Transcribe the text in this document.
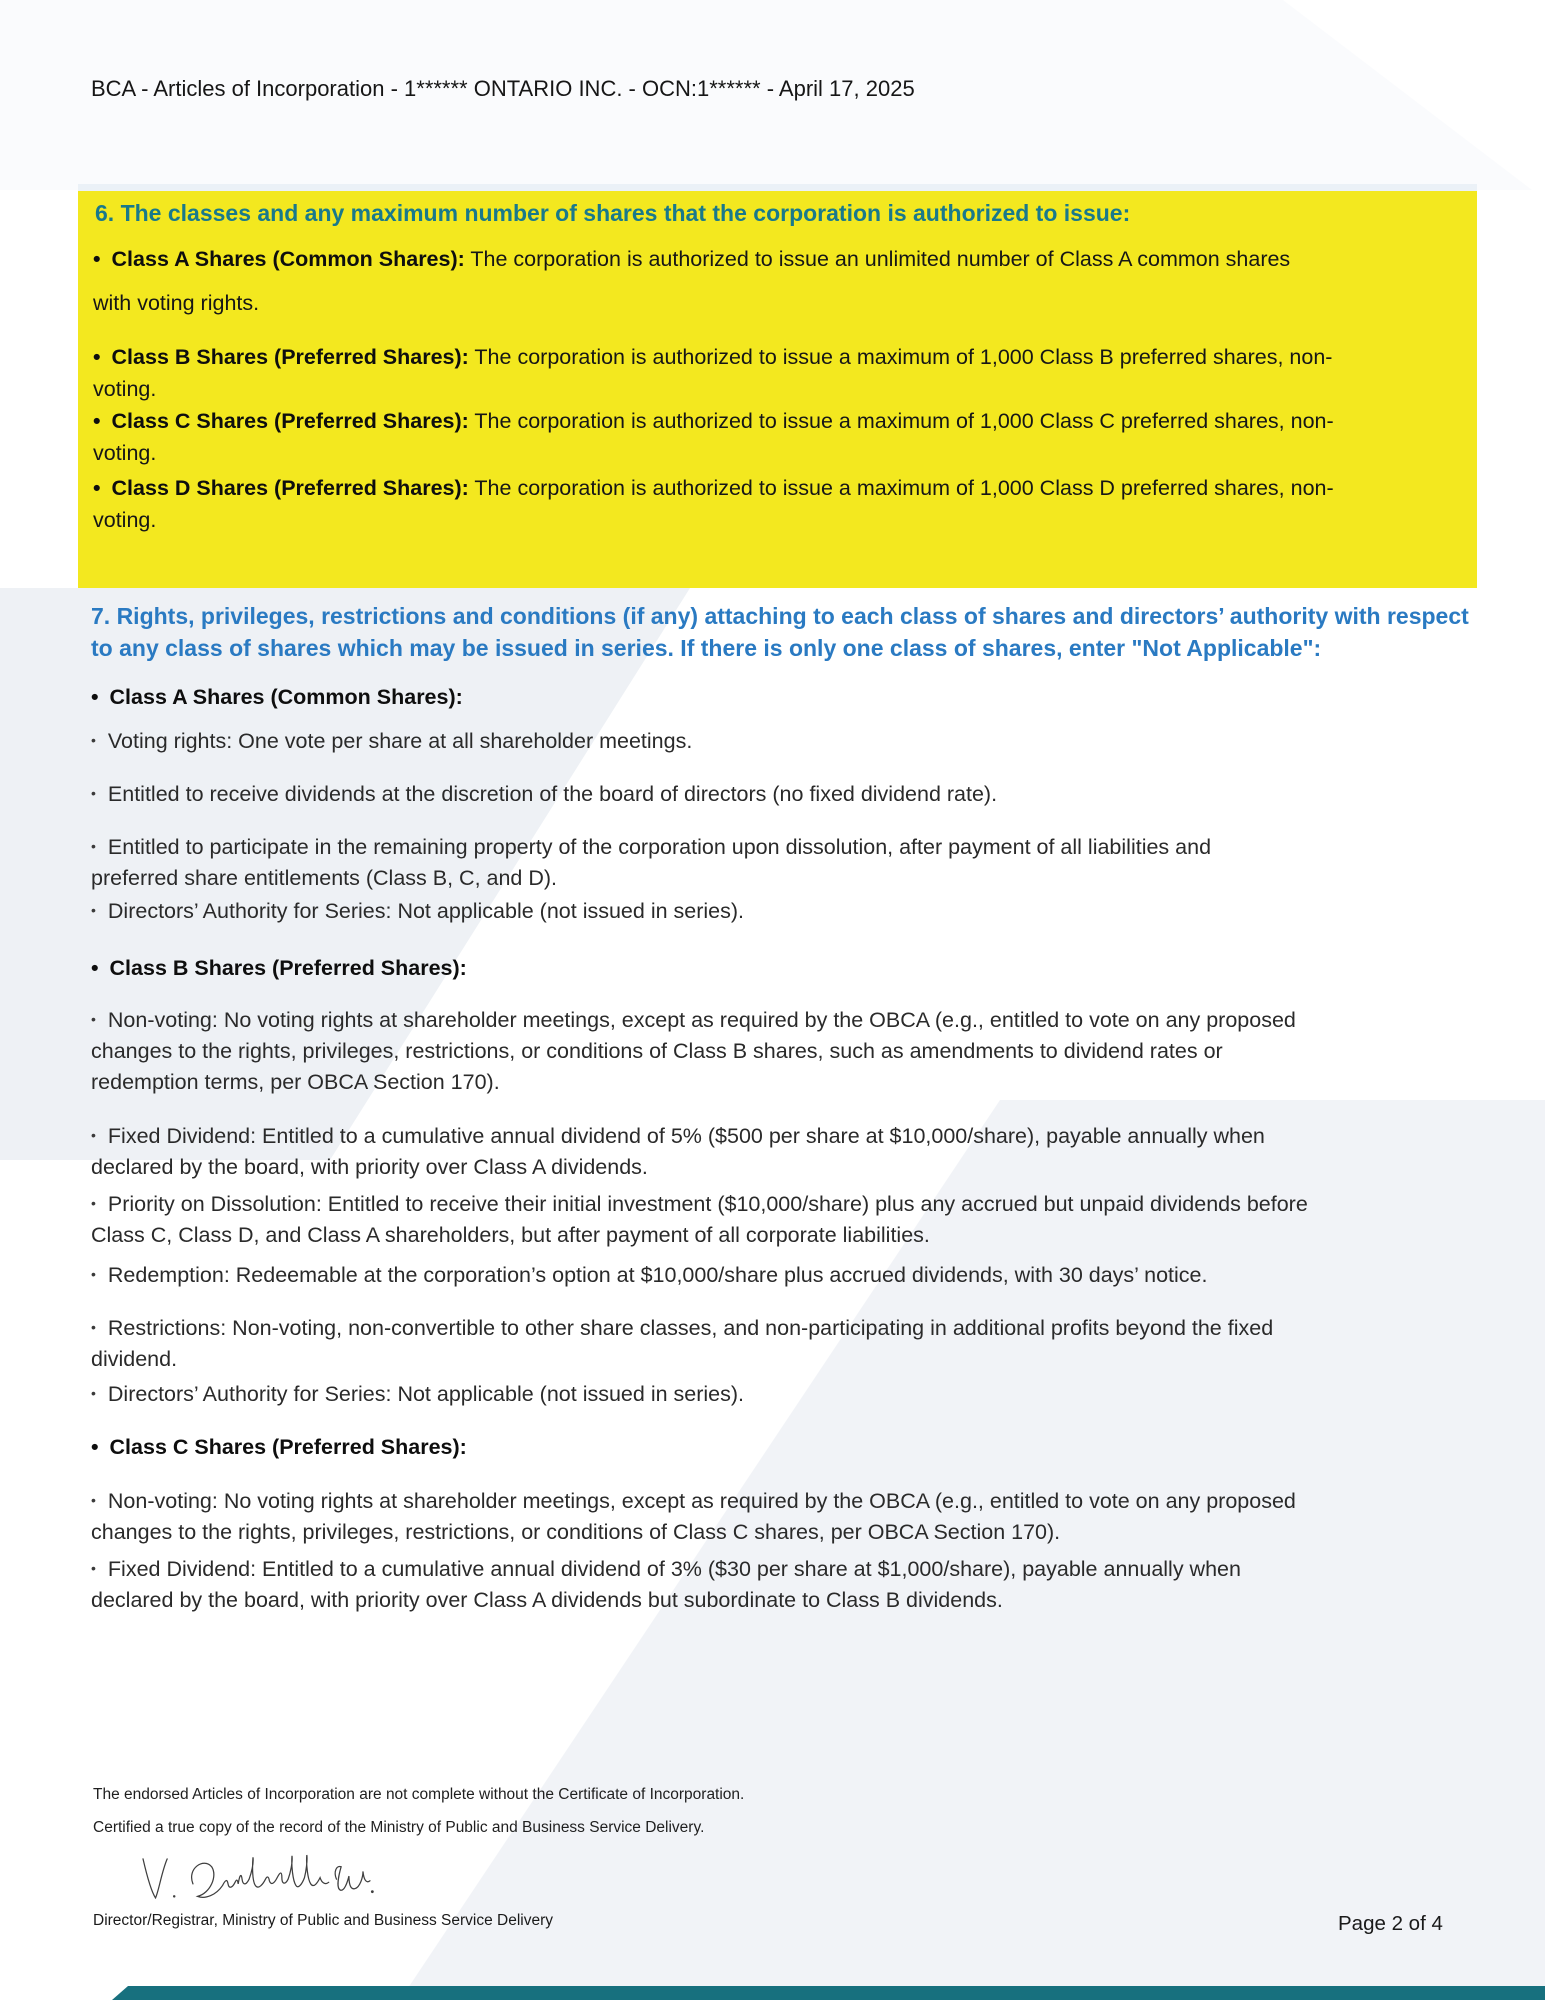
BCA - Articles of Incorporation - 1****** ONTARIO INC. - OCN:1****** - April 17, 2025
6. The classes and any maximum number of shares that the corporation is authorized to issue:
• Class A Shares (Common Shares): The corporation is authorized to issue an unlimited number of Class A common shares
with voting rights.
• Class B Shares (Preferred Shares): The corporation is authorized to issue a maximum of 1,000 Class B preferred shares, non-
voting.
• Class C Shares (Preferred Shares): The corporation is authorized to issue a maximum of 1,000 Class C preferred shares, non-
voting.
• Class D Shares (Preferred Shares): The corporation is authorized to issue a maximum of 1,000 Class D preferred shares, non-
voting.
7. Rights, privileges, restrictions and conditions (if any) attaching to each class of shares and directors’ authority with respect
to any class of shares which may be issued in series. If there is only one class of shares, enter "Not Applicable":
• Class A Shares (Common Shares):
• Voting rights: One vote per share at all shareholder meetings.
• Entitled to receive dividends at the discretion of the board of directors (no fixed dividend rate).
• Entitled to participate in the remaining property of the corporation upon dissolution, after payment of all liabilities and
preferred share entitlements (Class B, C, and D).
• Directors’ Authority for Series: Not applicable (not issued in series).
• Class B Shares (Preferred Shares):
• Non-voting: No voting rights at shareholder meetings, except as required by the OBCA (e.g., entitled to vote on any proposed
changes to the rights, privileges, restrictions, or conditions of Class B shares, such as amendments to dividend rates or
redemption terms, per OBCA Section 170).
• Fixed Dividend: Entitled to a cumulative annual dividend of 5% ($500 per share at $10,000/share), payable annually when
declared by the board, with priority over Class A dividends.
• Priority on Dissolution: Entitled to receive their initial investment ($10,000/share) plus any accrued but unpaid dividends before
Class C, Class D, and Class A shareholders, but after payment of all corporate liabilities.
• Redemption: Redeemable at the corporation’s option at $10,000/share plus accrued dividends, with 30 days’ notice.
• Restrictions: Non-voting, non-convertible to other share classes, and non-participating in additional profits beyond the fixed
dividend.
• Directors’ Authority for Series: Not applicable (not issued in series).
• Class C Shares (Preferred Shares):
• Non-voting: No voting rights at shareholder meetings, except as required by the OBCA (e.g., entitled to vote on any proposed
changes to the rights, privileges, restrictions, or conditions of Class C shares, per OBCA Section 170).
• Fixed Dividend: Entitled to a cumulative annual dividend of 3% ($30 per share at $1,000/share), payable annually when
declared by the board, with priority over Class A dividends but subordinate to Class B dividends.
The endorsed Articles of Incorporation are not complete without the Certificate of Incorporation.
Certified a true copy of the record of the Ministry of Public and Business Service Delivery.
Director/Registrar, Ministry of Public and Business Service Delivery	Page 2 of 4
